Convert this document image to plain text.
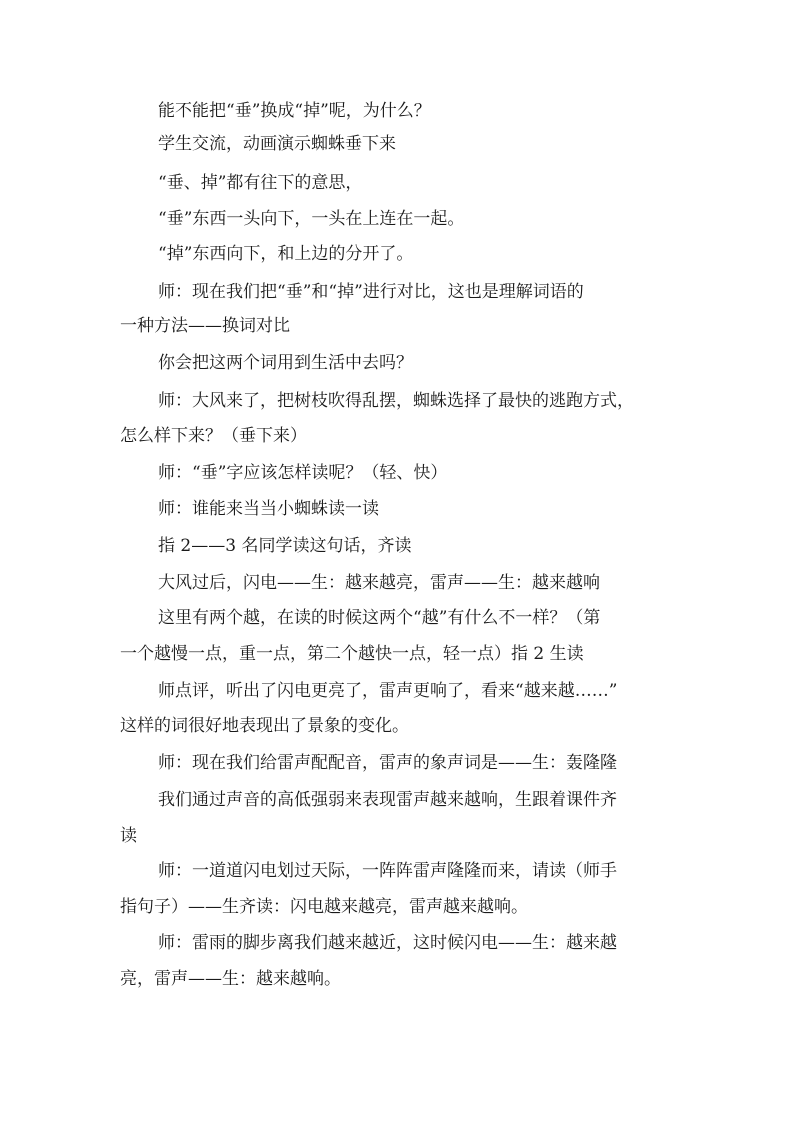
能不能把“垂”换成“掉”呢，为什么？
学生交流，动画演示蜘蛛垂下来
“垂、掉”都有往下的意思，
“垂”东西一头向下，一头在上连在一起。
“掉”东西向下，和上边的分开了。
师：现在我们把“垂”和“掉”进行对比，这也是理解词语的
一种方法——换词对比
你会把这两个词用到生活中去吗？
师：大风来了，把树枝吹得乱摆，蜘蛛选择了最快的逃跑方式，
怎么样下来？（垂下来）
师：“垂”字应该怎样读呢？（轻、快）
师：谁能来当当小蜘蛛读一读
指 2——3 名同学读这句话，齐读
大风过后，闪电——生：越来越亮，雷声——生：越来越响
这里有两个越，在读的时候这两个“越”有什么不一样？（第
一个越慢一点，重一点，第二个越快一点，轻一点）指 2 生读
师点评，听出了闪电更亮了，雷声更响了，看来“越来越……”
这样的词很好地表现出了景象的变化。
师：现在我们给雷声配配音，雷声的象声词是——生：轰隆隆
我们通过声音的高低强弱来表现雷声越来越响，生跟着课件齐
读
师：一道道闪电划过天际，一阵阵雷声隆隆而来，请读（师手
指句子）——生齐读：闪电越来越亮，雷声越来越响。
师：雷雨的脚步离我们越来越近，这时候闪电——生：越来越
亮，雷声——生：越来越响。
